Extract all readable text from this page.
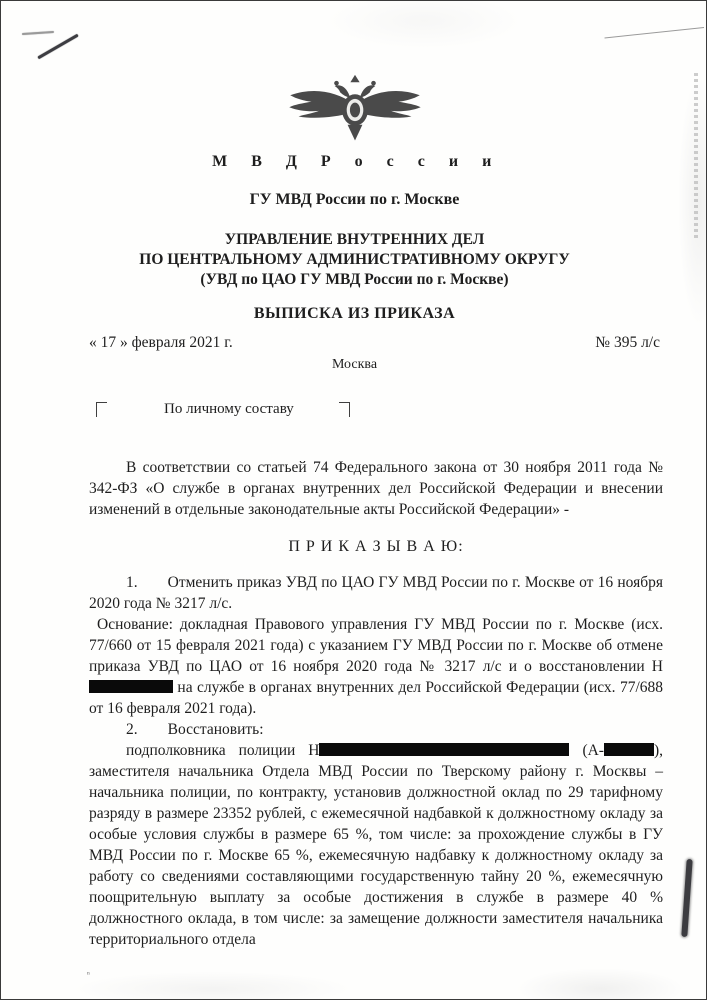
ⁿ
М В Д Р о с с и и
ГУ МВД России по г. Москве
УПРАВЛЕНИЕ ВНУТРЕННИХ ДЕЛ
ПО ЦЕНТРАЛЬНОМУ АДМИНИСТРАТИВНОМУ ОКРУГУ
(УВД по ЦАО ГУ МВД России по г. Москве)
ВЫПИСКА ИЗ ПРИКАЗА
« 17 » февраля 2021 г.	№ 395 л/с
Москва
По личному составу

В соответствии со статьей 74 Федерального закона от 30 ноября 2011 года № 342-ФЗ «О службе в органах внутренних дел Российской Федерации и внесении изменений в отдельные законодательные акты Российской Федерации» -

П Р И К А З Ы В А Ю:

1. Отменить приказ УВД по ЦАО ГУ МВД России по г. Москве от 16 ноября 2020 года № 3217 л/с.

Основание: докладная Правового управления ГУ МВД России по г. Москве (исх. 77/660 от 15 февраля 2021 года) с указанием ГУ МВД России по г. Москве об отмене приказа УВД по ЦАО от 16 ноября 2020 года № 3217 л/с и о восстановлении Н на службе в органах внутренних дел Российской Федерации (исх. 77/688 от 16 февраля 2021 года).

2. Восстановить:

подполковника полиции Н	(А-	), заместителя начальника Отдела МВД России по Тверскому району г. Москвы – начальника полиции, по контракту, установив должностной оклад по 29 тарифному разряду в размере 23352 рублей, с ежемесячной надбавкой к должностному окладу за особые условия службы в размере 65 %, том числе: за прохождение службы в ГУ МВД России по г. Москве 65 %, ежемесячную надбавку к должностному окладу за работу со сведениями составляющими государственную тайну 20 %, ежемесячную поощрительную выплату за особые достижения в службе в размере 40 % должностного оклада, в том числе: за замещение должности заместителя начальника территориального отдела
